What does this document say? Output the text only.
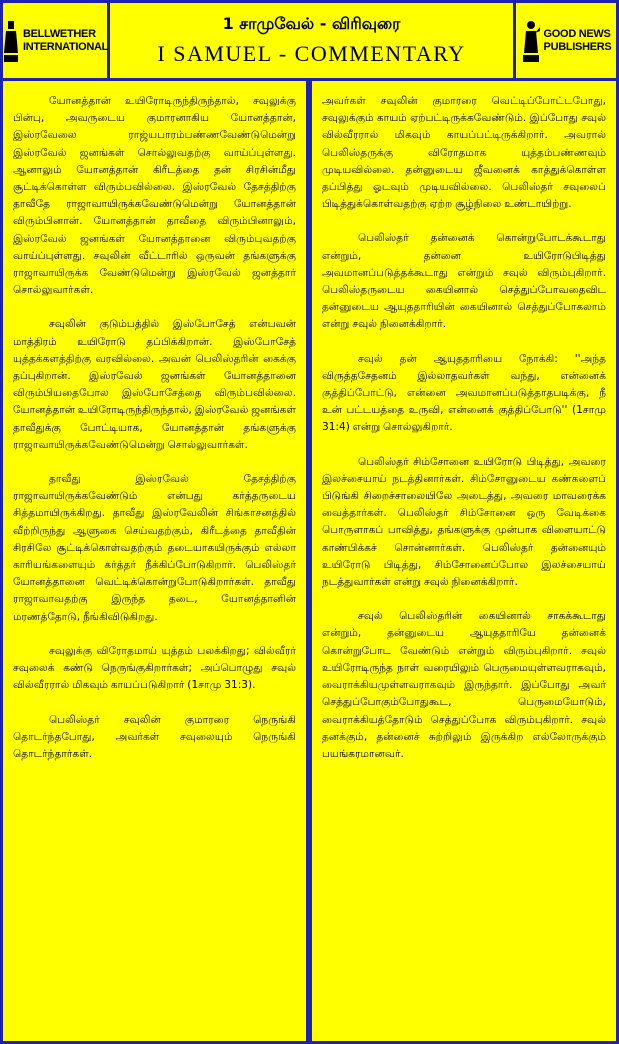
BELLWETHER
INTERNATIONAL
1 சாமுவேல் - விரிவுரை
I SAMUEL - COMMENTARY
GOOD NEWS
PUBLISHERS

யோனத்தான் உயிரோடிருந்திருந்தால், சவுலுக்கு பின்பு, அவருடைய குமாரனாகிய யோனத்தான், இஸ்ரவேலை ராஜ்யபாரம்பண்ணவேண்டுமென்று இஸ்ரவேல் ஜனங்கள் சொல்லுவதற்கு வாய்ப்புள்ளது. ஆனாலும் யோனத்தான் கிரீடத்தை தன் சிரசின்மீது சூட்டிக்கொள்ள விரும்பவில்லை. இஸ்ரவேல் தேசத்திற்கு தாவீதே ராஜாவாயிருக்கவேண்டுமென்று யோனத்தான் விரும்பினான். யோனத்தான் தாவீதை விரும்பினாலும், இஸ்ரவேல் ஜனங்கள் யோனத்தானை விரும்புவதற்கு வாய்ப்புள்ளது. சவுலின் வீட்டாரில் ஒருவன் தங்களுக்கு ராஜாவாயிருக்க வேண்டுமென்று இஸ்ரவேல் ஜனத்தார் சொல்லுவார்கள்.

சவுலின் குடும்பத்தில் இஸ்போசேத் என்பவன் மாத்திரம் உயிரோடு தப்பிக்கிறான். இஸ்போசேத் யுத்தக்களத்திற்கு வரவில்லை. அவன் பெலிஸ்தரின் கைக்கு தப்புகிறான். இஸ்ரவேல் ஜனங்கள் யோனத்தானை விரும்பியதைபோல இஸ்போசேத்தை விரும்பவில்லை. யோனத்தான் உயிரோடிருந்திருந்தால், இஸ்ரவேல் ஜனங்கள் தாவீதுக்கு போட்டியாக, யோனத்தான் தங்களுக்கு ராஜாவாயிருக்கவேண்டுமென்று சொல்லுவார்கள்.

தாவீது இஸ்ரவேல் தேசத்திற்கு ராஜாவாயிருக்கவேண்டும் என்பது கர்த்தருடைய சித்தமாயிருக்கிறது. தாவீது இஸ்ரவேலின் சிங்காசனத்தில் வீற்றிருந்து ஆளுகை செய்வதற்கும், கிரீடத்தை தாவீதின் சிரசிலே சூட்டிக்கொள்வதற்கும் தடையாகயிருக்கும் எல்லா காரியங்களையும் கர்த்தர் நீக்கிப்போடுகிறார். பெலிஸ்தர் யோனத்தானை வெட்டிக்கொன்றுபோடுகிறார்கள். தாவீது ராஜாவாவதற்கு இருந்த தடை, யோனத்தானின் மரணத்தோடு, நீங்கிவிடுகிறது.

சவுலுக்கு விரோதமாய் யுத்தம் பலக்கிறது; வில்வீரர் சவுலைக் கண்டு நெருங்குகிறார்கள்; அப்பொழுது சவுல் வில்வீரரால் மிகவும் காயப்படுகிறார் (1சாமு 31:3).

பெலிஸ்தர் சவுலின் குமாரரை நெருங்கி தொடர்ந்தபோது, அவர்கள் சவுலையும் நெருங்கி தொடர்ந்தார்கள்.

அவர்கள் சவுலின் குமாரரை வெட்டிப்போட்டபோது, சவுலுக்கும் காயம் ஏற்பட்டிருக்கவேண்டும். இப்போது சவுல் வில்வீரரால் மிகவும் காயப்பட்டிருக்கிறார். அவரால் பெலிஸ்தருக்கு விரோதமாக யுத்தம்பண்ணவும் முடியவில்லை. தன்னுடைய ஜீவனைக் காத்துக்கொள்ள தப்பித்து ஓடவும் முடியவில்லை. பெலிஸ்தர் சவுலைப் பிடித்துக்கொள்வதற்கு ஏற்ற சூழ்நிலை உண்டாயிற்று.

பெலிஸ்தர் தன்னைக் கொன்றுபோடக்கூடாது என்றும், தன்னை உயிரோடுபிடித்து அவமானப்படுத்தக்கூடாது என்றும் சவுல் விரும்புகிறார். பெலிஸ்தருடைய கையினால் செத்துப்போவதைவிட தன்னுடைய ஆயுததாரியின் கையினால் செத்துப்போகலாம் என்று சவுல் நினைக்கிறார்.

சவுல் தன் ஆயுததாரியை நோக்கி: ''அந்த விருத்தசேதனம் இல்லாதவர்கள் வந்து, என்னைக் குத்திப்போட்டு, என்னை அவமானப்படுத்தாதபடிக்கு, நீ உன் பட்டயத்தை உருவி, என்னைக் குத்திப்போடு'' (1சாமு 31:4) என்று சொல்லுகிறார்.

பெலிஸ்தர் சிம்சோனை உயிரோடு பிடித்து, அவரை இலச்சையாய் நடத்தினார்கள். சிம்சோனுடைய கண்களைப் பிடுங்கி சிறைச்சாலையிலே அடைத்து, அவரை மாவரைக்க வைத்தார்கள். பெலிஸ்தர் சிம்சோனை ஒரு வேடிக்கை பொருளாகப் பாவித்து, தங்களுக்கு முன்பாக விளையாட்டு காண்பிக்கச் சொன்னார்கள். பெலிஸ்தர் தன்னையும் உயிரோடு பிடித்து, சிம்சோனைப்போல இலச்சையாய் நடத்துவார்கள் என்று சவுல் நினைக்கிறார்.

சவுல் பெலிஸ்தரின் கையினால் சாகக்கூடாது என்றும், தன்னுடைய ஆயுததாரியே தன்னைக் கொன்றுபோட வேண்டும் என்றும் விரும்புகிறார். சவுல் உயிரோடிருந்த நாள் வரையிலும் பெருமையுள்ளவராகவும், வைராக்கியமுள்ளவராகவும் இருந்தார். இப்போது அவர் செத்துப்போகும்போதுகூட, பெருமையோடும், வைராக்கியத்தோடும் செத்துப்போக விரும்புகிறார். சவுல் தனக்கும், தன்னைச் சுற்றிலும் இருக்கிற எல்லோருக்கும் பயங்கரமானவர்.
